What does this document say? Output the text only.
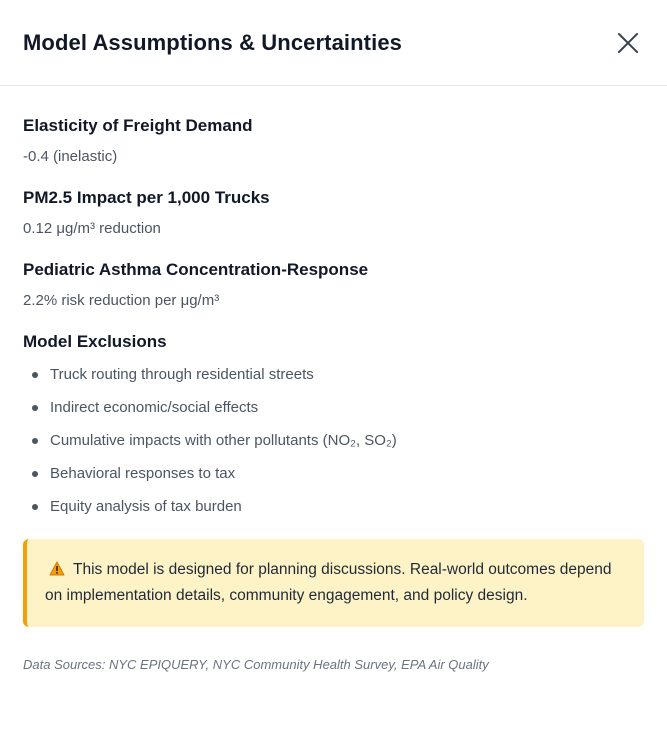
Model Assumptions & Uncertainties
Elasticity of Freight Demand
-0.4 (inelastic)
PM2.5 Impact per 1,000 Trucks
0.12 μg/m³ reduction
Pediatric Asthma Concentration-Response
2.2% risk reduction per μg/m³
Model Exclusions
Truck routing through residential streets
Indirect economic/social effects
Cumulative impacts with other pollutants (NO₂, SO₂)
Behavioral responses to tax
Equity analysis of tax burden
This model is designed for planning discussions. Real-world outcomes depend on implementation details, community engagement, and policy design.
Data Sources: NYC EPIQUERY, NYC Community Health Survey, EPA Air Quality
